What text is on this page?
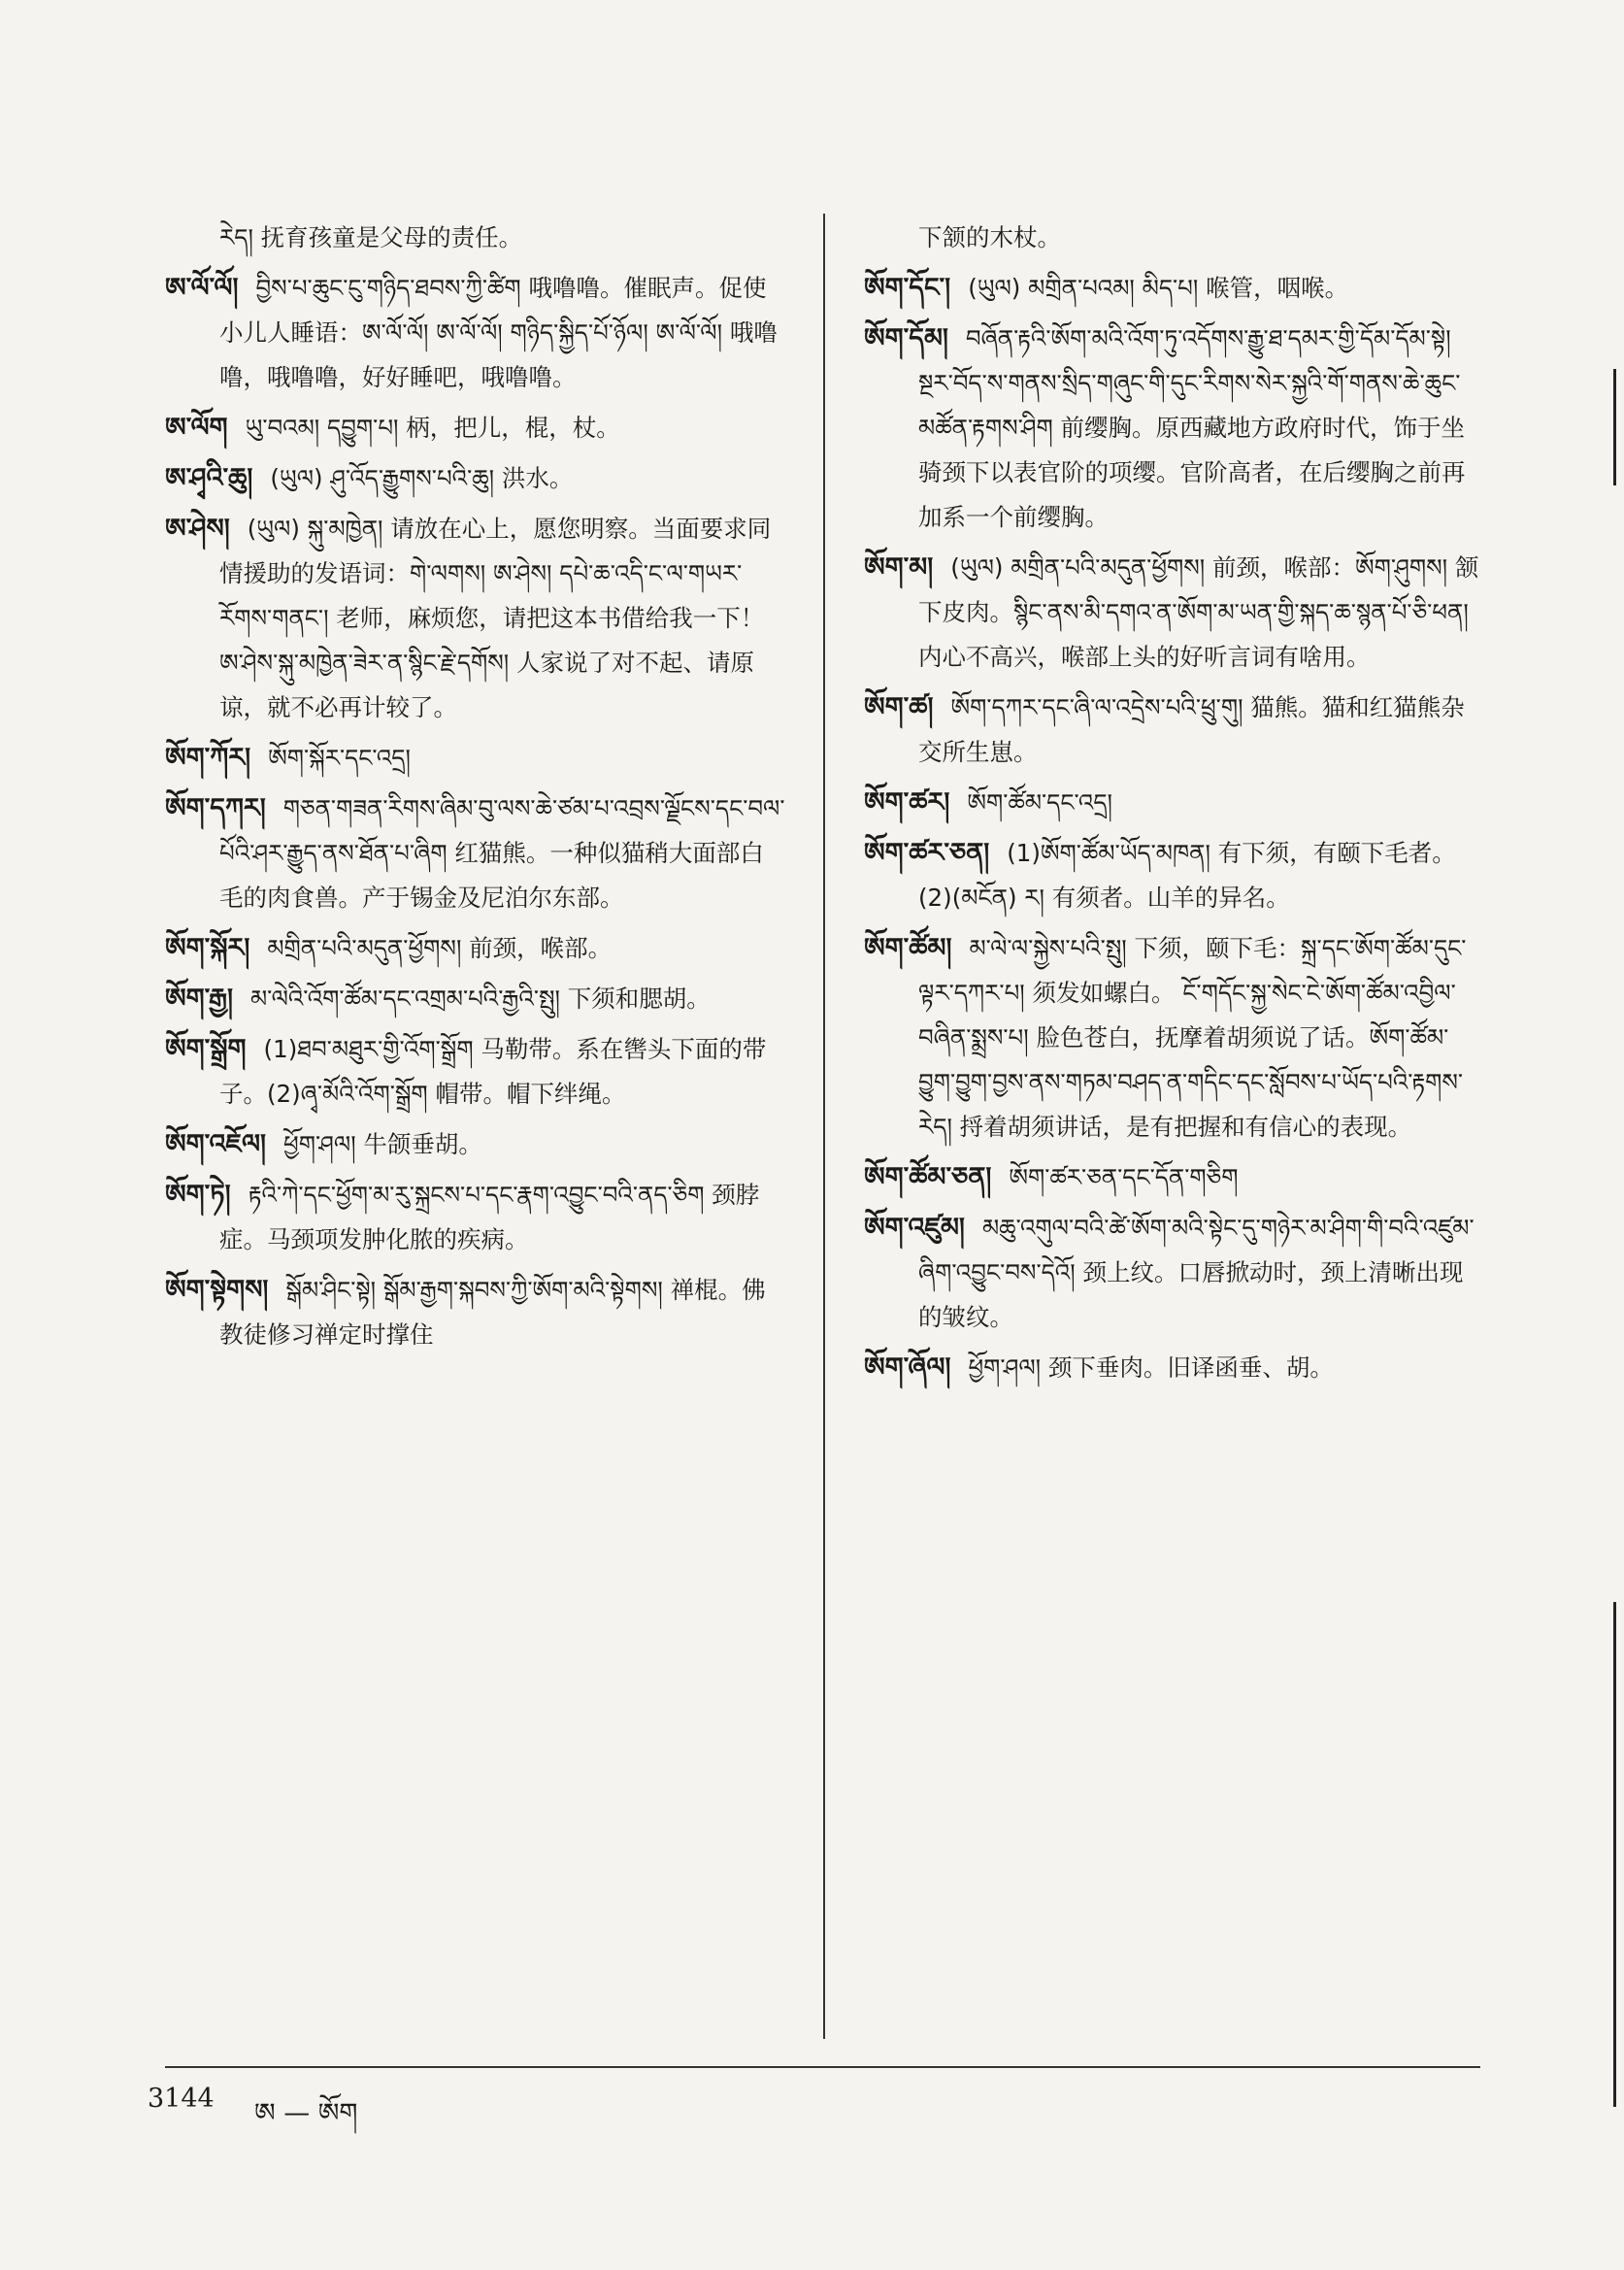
རེད། 抚育孩童是父母的责任。
ཨ་ལོ་ལོ། བྱིས་པ་ཆུང་ངུ་གཉིད་ཐབས་ཀྱི་ཚིག 哦噜噜。催眠声。促使小儿人睡语：ཨ་ལོ་ལོ། ཨ་ལོ་ལོ། གཉིད་སྐྱིད་པོ་ཉོལ། ཨ་ལོ་ལོ། 哦噜噜，哦噜噜，好好睡吧，哦噜噜。
ཨ་ལོག ཡུ་བའམ། དབྱུག་པ། 柄，把儿，棍，杖。
ཨ་ཤྭའི་ཆུ། (ཡུལ) ཤུ་འོད་རྒྱུགས་པའི་ཆུ། 洪水。
ཨ་ཤེས། (ཡུལ) སྐུ་མཁྱེན། 请放在心上，愿您明察。当面要求同情援助的发语词：གེ་ལགས། ཨ་ཤེས། དཔེ་ཆ་འདི་ང་ལ་གཡར་རོགས་གནང་། 老师，麻烦您，请把这本书借给我一下！ ཨ་ཤེས་སྐུ་མཁྱེན་ཟེར་ན་སྙིང་རྗེ་དགོས། 人家说了对不起、请原谅，就不必再计较了。
ཨོག་ཀོར། ཨོག་སྐོར་དང་འདྲ།
ཨོག་དཀར། གཅན་གཟན་རིགས་ཞིམ་བུ་ལས་ཆེ་ཙམ་པ་འབྲས་ལྗོངས་དང་བལ་པོའི་ཤར་རྒྱུད་ནས་ཐོན་པ་ཞིག 红猫熊。一种似猫稍大面部白毛的肉食兽。产于锡金及尼泊尔东部。
ཨོག་སྐོར། མགྲིན་པའི་མདུན་ཕྱོགས། 前颈，喉部。
ཨོག་རྒྱ། མ་ལེའི་འོག་ཚོམ་དང་འགྲམ་པའི་རྒྱའི་སྤུ། 下须和腮胡。
ཨོག་སྒྲོག (1)ཐབ་མཐུར་གྱི་འོག་སྒྲོག 马勒带。系在辔头下面的带子。(2)ཞྭ་མོའི་འོག་སྒྲོག 帽带。帽下绊绳。
ཨོག་འཇོལ། ཕྱོག་ཤལ། 牛颌垂胡。
ཨོག་ཏེ། རྟའི་ཀེ་དང་ཕྱོག་མ་རུ་སྐྲངས་པ་དང་རྣག་འབྱུང་བའི་ནད་ཅིག 颈脖症。马颈项发肿化脓的疾病。
ཨོག་སྟེགས། སྒོམ་ཤིང་སྟེ། སྒོམ་རྒྱག་སྐབས་ཀྱི་ཨོག་མའི་སྟེགས། 禅棍。佛教徒修习禅定时撑住
下颔的木杖。
ཨོག་དོང་། (ཡུལ) མགྲིན་པའམ། མིད་པ། 喉管，咽喉。
ཨོག་དོམ། བཞོན་རྟའི་ཨོག་མའི་འོག་ཏུ་འདོགས་རྒྱུ་ཐ་དམར་གྱི་དོམ་དོམ་སྟེ། སྔར་བོད་ས་གནས་སྲིད་གཞུང་གི་དུང་རིགས་སེར་སྐྱའི་གོ་གནས་ཆེ་ཆུང་མཚོན་རྟགས་ཤིག 前缨胸。原西藏地方政府时代，饰于坐骑颈下以表官阶的项缨。官阶高者，在后缨胸之前再加系一个前缨胸。
ཨོག་མ། (ཡུལ) མགྲིན་པའི་མདུན་ཕྱོགས། 前颈，喉部：ཨོག་ཤུགས། 颔下皮肉。སྙིང་ནས་མི་དགའ་ན་ཨོག་མ་ཡན་གྱི་སྐད་ཆ་སྙན་པོ་ཅི་ཕན། 内心不高兴，喉部上头的好听言词有啥用。
ཨོག་ཚ། ཨོག་དཀར་དང་ཞི་ལ་འདྲེས་པའི་ཕྲུ་གུ། 猫熊。猫和红猫熊杂交所生崽。
ཨོག་ཚར། ཨོག་ཚོམ་དང་འདྲ།
ཨོག་ཚར་ཅན། (1)ཨོག་ཚོམ་ཡོད་མཁན། 有下须，有颐下毛者。(2)(མངོན) ར། 有须者。山羊的异名。
ཨོག་ཚོམ། མ་ལེ་ལ་སྐྱེས་པའི་སྤུ། 下须，颐下毛：སྐྲ་དང་ཨོག་ཚོམ་དུང་ལྟར་དཀར་པ། 须发如螺白。 ངོ་གདོང་སྐྱ་སེང་ངེ་ཨོག་ཚོམ་འབྱིལ་བཞིན་སྨྲས་པ། 脸色苍白，抚摩着胡须说了话。ཨོག་ཚོམ་བྱུག་བྱུག་བྱས་ནས་གཏམ་བཤད་ན་གདིང་དང་སློབས་པ་ཡོད་པའི་རྟགས་རེད། 捋着胡须讲话，是有把握和有信心的表现。
ཨོག་ཚོམ་ཅན། ཨོག་ཚར་ཅན་དང་དོན་གཅིག
ཨོག་འཛུམ། མཆུ་འགུལ་བའི་ཚེ་ཨོག་མའི་སྟེང་དུ་གཉེར་མ་ཤིག་གི་བའི་འཛུམ་ཞིག་འབྱུང་བས་དེའོ། 颈上纹。口唇掀动时，颈上清晰出现的皱纹。
ཨོག་ཞོལ། ཕྱོག་ཤལ། 颈下垂肉。旧译函垂、胡。
3144 ཨ — ཨོག
